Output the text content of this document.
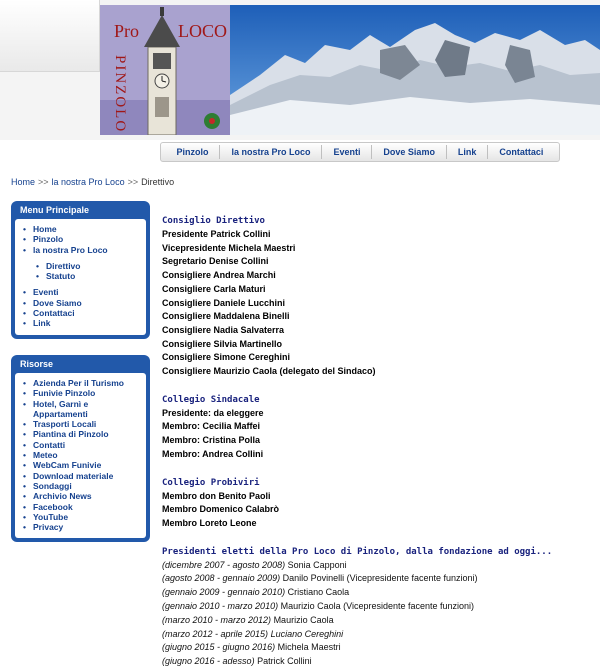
Pro LOCO
PINZOLO
Pinzolo	la nostra Pro Loco	Eventi	Dove Siamo	Link	Contattaci
Home >> la nostra Pro Loco >> Direttivo
Menu Principale
• Home
• Pinzolo
• la nostra Pro Loco
• Direttivo
• Statuto
• Eventi
• Dove Siamo
• Contattaci
• Link
Risorse
• Azienda Per il Turismo
• Funivie Pinzolo
• Hotel, Garnì e Appartamenti
• Trasporti Locali
• Piantina di Pinzolo
• Contatti
• Meteo
• WebCam Funivie
• Download materiale
• Sondaggi
• Archivio News
• Facebook
• YouTube
• Privacy
Consiglio Direttivo
Presidente Patrick Collini
Vicepresidente Michela Maestri
Segretario Denise Collini
Consigliere Andrea Marchi
Consigliere Carla Maturi
Consigliere Daniele Lucchini
Consigliere Maddalena Binelli
Consigliere Nadia Salvaterra
Consigliere Silvia Martinello
Consigliere Simone Cereghini
Consigliere Maurizio Caola (delegato del Sindaco)
Collegio Sindacale
Presidente: da eleggere
Membro: Cecilia Maffei
Membro: Cristina Polla
Membro: Andrea Collini
Collegio Probiviri
Membro don Benito Paoli
Membro Domenico Calabrò
Membro Loreto Leone
Presidenti eletti della Pro Loco di Pinzolo, dalla fondazione ad oggi...
(dicembre 2007 - agosto 2008) Sonia Capponi
(agosto 2008 - gennaio 2009) Danilo Povinelli (Vicepresidente facente funzioni)
(gennaio 2009 - gennaio 2010) Cristiano Caola
(gennaio 2010 - marzo 2010) Maurizio Caola (Vicepresidente facente funzioni)
(marzo 2010 - marzo 2012) Maurizio Caola
(marzo 2012 - aprile 2015) Luciano Cereghini
(giugno 2015 - giugno 2016) Michela Maestri
(giugno 2016 - adesso) Patrick Collini
